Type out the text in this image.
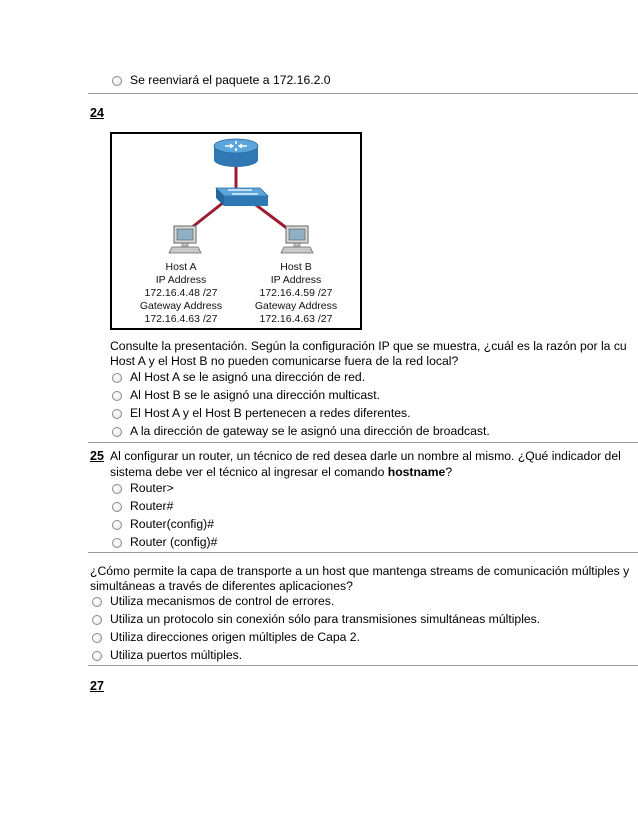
Se reenviará el paquete a 172.16.2.0
24
Host A
IP Address
172.16.4.48 /27
Gateway Address
172.16.4.63 /27
Host B
IP Address
172.16.4.59 /27
Gateway Address
172.16.4.63 /27
Consulte la presentación. Según la configuración IP que se muestra, ¿cuál es la razón por la cu
Host A y el Host B no pueden comunicarse fuera de la red local?
Al Host A se le asignó una dirección de red.
Al Host B se le asignó una dirección multicast.
El Host A y el Host B pertenecen a redes diferentes.
A la dirección de gateway se le asignó una dirección de broadcast.
25 Al configurar un router, un técnico de red desea darle un nombre al mismo. ¿Qué indicador del
sistema debe ver el técnico al ingresar el comando hostname?
Router>
Router#
Router(config)#
Router (config)#
¿Cómo permite la capa de transporte a un host que mantenga streams de comunicación múltiples y
simultáneas a través de diferentes aplicaciones?
Utiliza mecanismos de control de errores.
Utiliza un protocolo sin conexión sólo para transmisiones simultáneas múltiples.
Utiliza direcciones origen múltiples de Capa 2.
Utiliza puertos múltiples.
27
